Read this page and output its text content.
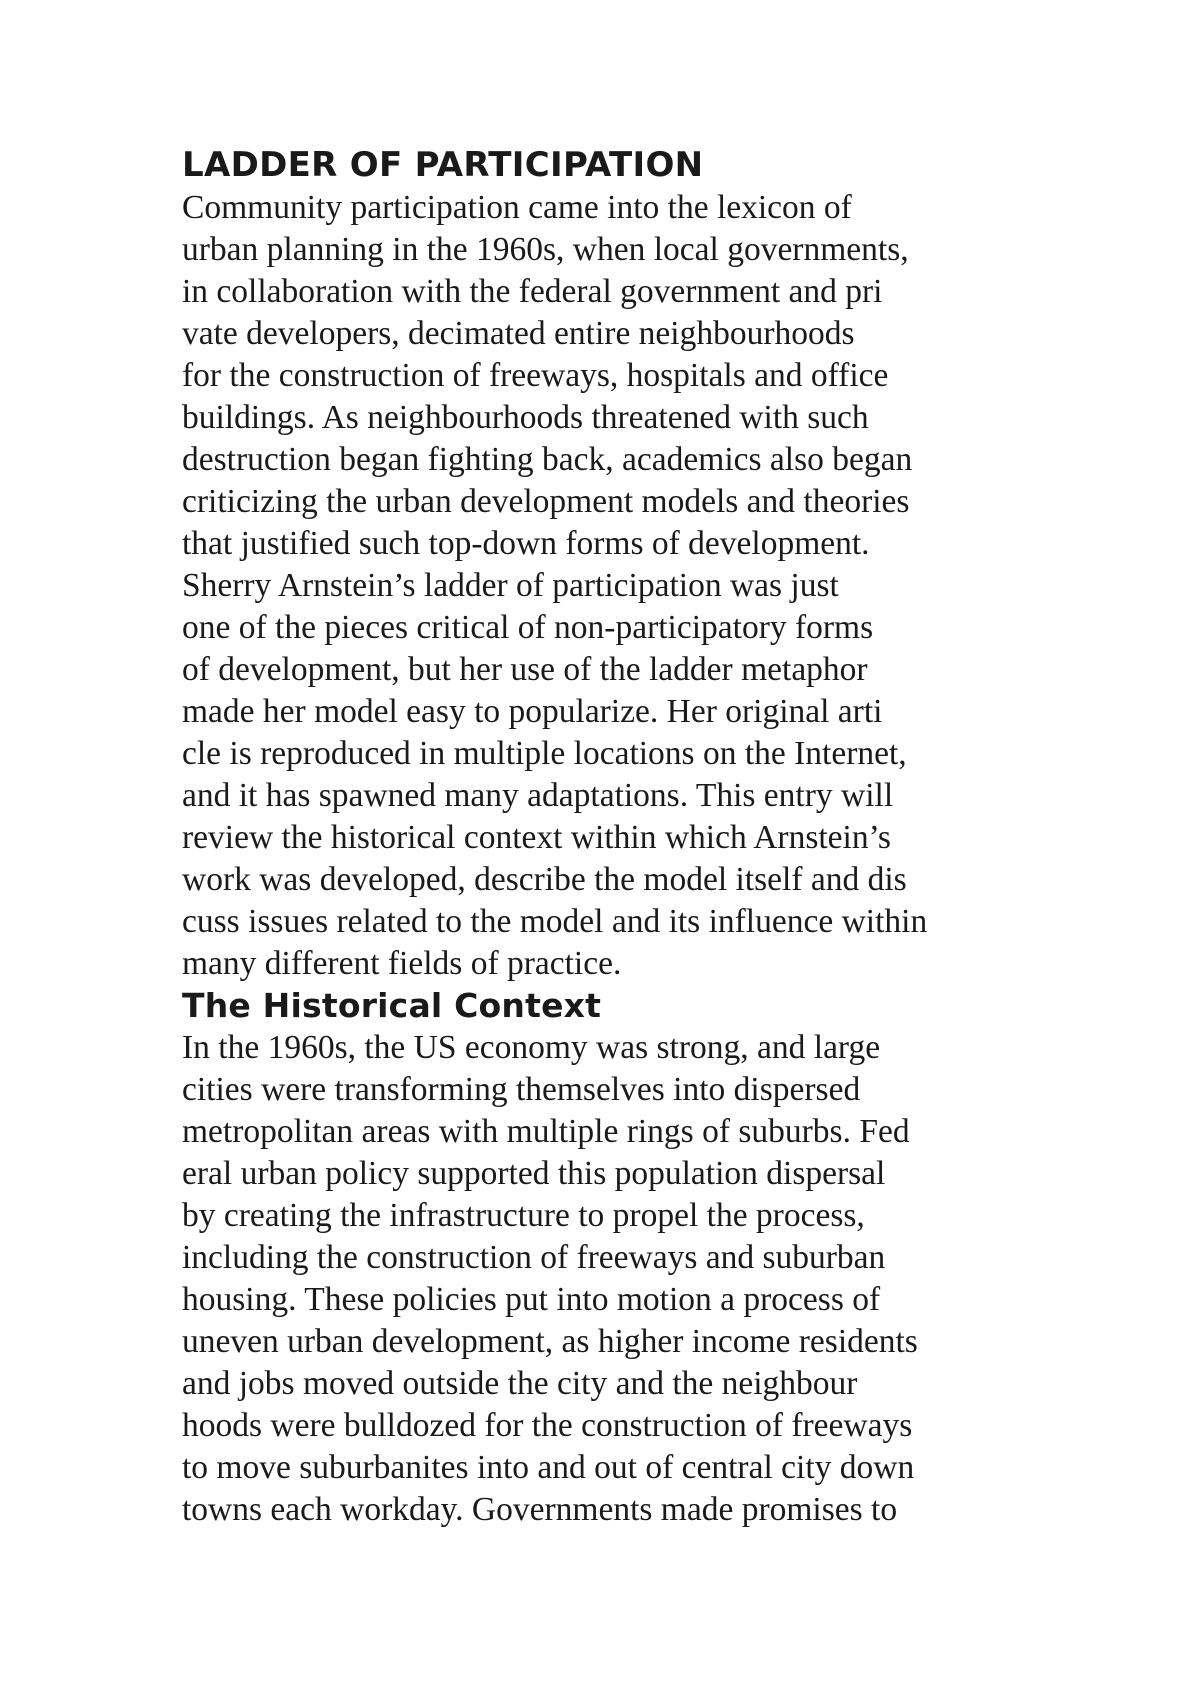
LADDER OF PARTICIPATION
Community participation came into the lexicon of
urban planning in the 1960s, when local governments,
in collaboration with the federal government and pri
vate developers, decimated entire neighbourhoods
for the construction of freeways, hospitals and office
buildings. As neighbourhoods threatened with such
destruction began fighting back, academics also began
criticizing the urban development models and theories
that justified such top-down forms of development.
Sherry Arnstein’s ladder of participation was just
one of the pieces critical of non-participatory forms
of development, but her use of the ladder metaphor
made her model easy to popularize. Her original arti
cle is reproduced in multiple locations on the Internet,
and it has spawned many adaptations. This entry will
review the historical context within which Arnstein’s
work was developed, describe the model itself and dis
cuss issues related to the model and its influence within
many different fields of practice.
The Historical Context
In the 1960s, the US economy was strong, and large
cities were transforming themselves into dispersed
metropolitan areas with multiple rings of suburbs. Fed
eral urban policy supported this population dispersal
by creating the infrastructure to propel the process,
including the construction of freeways and suburban
housing. These policies put into motion a process of
uneven urban development, as higher income residents
and jobs moved outside the city and the neighbour
hoods were bulldozed for the construction of freeways
to move suburbanites into and out of central city down
towns each workday. Governments made promises to
